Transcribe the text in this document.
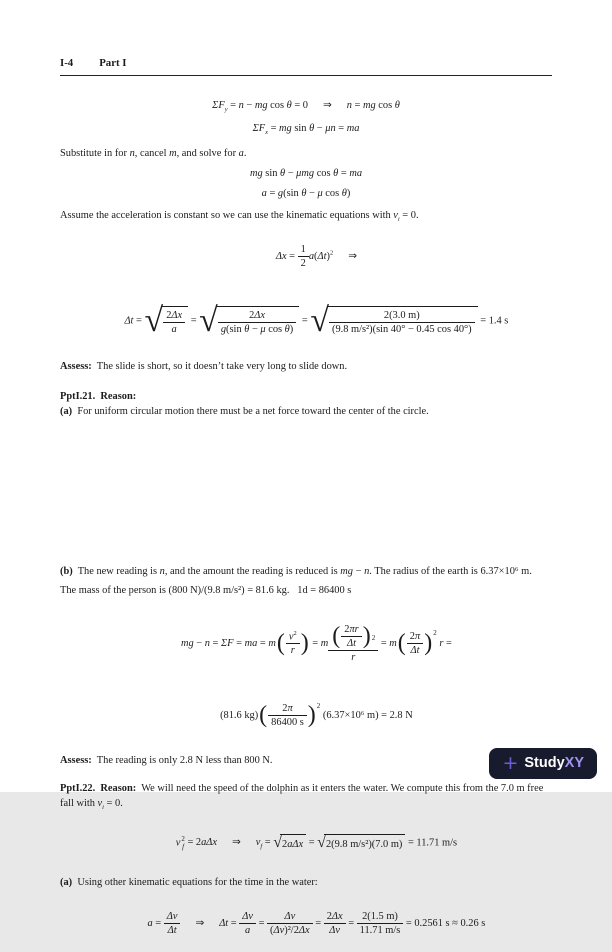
I-4 Part I
$\Sigma F_y = n$ − mg cos θ = 0 ⇒ n = mg cos θ
$\Sigma F_x$ = mg sin θ − μn = ma
Substitute in for n, cancel m, and solve for a.
mg sin θ − μmg cos θ = ma
a = g(sin θ − μ cos θ)
Assume the acceleration is constant so we can use the kinematic equations with $v_i = 0$.

$\Delta x = \frac{1}{2} a(\Delta t)^2$ ⇒

Δt = √ $\frac{2\Delta x}{a}$ = √ $\frac{2\Delta x}{\text{g(sin θ − μ cos θ)}}$ = √ $\frac{2(3.0 m)}{\text{(9.8 m/s²)(sin 40° − 0.45 cos 40°)}} = 1.4$ s

Assess:  The slide is short, so it doesn’t take very long to slide down.
PptI.21.  Reason:
(a)  For uniform circular motion there must be a net force toward the center of the circle.
(b)  The new reading is n, and the amount the reading is reduced is mg − n. The radius of the earth is 6.37×10⁶ m.
The mass of the person is (800 N)/(9.8 m/s²) = 81.6 kg.   1d = 86400 s

mg − n = ΣF = ma = $m( \frac{v^2}{r}$ ) = m $\frac{( \frac{2\pi r}{\Delta t} )2}{r} = m( \frac{2\pi}{\Delta t} )2$ r =

(81.6 $kg)( \frac{2\pi}{86400 s} )2$ (6.37×10⁶ m) = 2.8 N

Assess:  The reading is only 2.8 N less than 800 N.
PptI.22.  Reason:  We will need the speed of the dolphin as it enters the water. We compute this from the 7.0 m free
fall with $v_i = 0$.

v 2
f = 2aΔx ⇒ $v_f = √2a\Delta x = √2(9.8$ m/s²)(7.0 m) = 11.71 m/s

(a)  Using other kinematic equations for the time in the water:

$a = \frac{\Delta v}{\Delta t}$ ⇒ $\Delta t = \frac{\Delta v}{a} = \frac{\Delta v}{\text{(Δv)²/2Δx}} = \frac{2\Delta x}{\Delta v} = \frac{2(1.5 m)}{11.71 m/s} = 0.2561$ s ≈ 0.26 s

+ StudyXY
